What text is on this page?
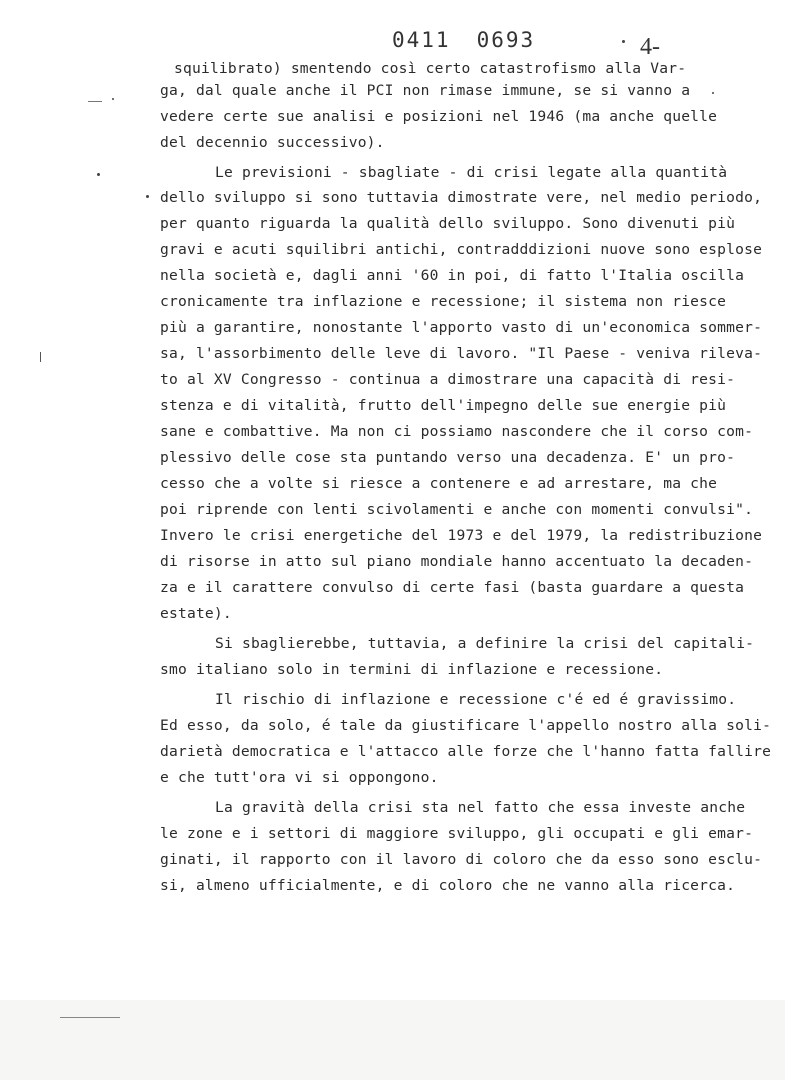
0411 0693	4-
squilibrato) smentendo così certo catastrofismo alla Var-
ga, dal quale anche il PCI non rimase immune, se si vanno a
vedere certe sue analisi e posizioni nel 1946 (ma anche quelle
del decennio successivo).
Le previsioni - sbagliate - di crisi legate alla quantità
dello sviluppo si sono tuttavia dimostrate vere, nel medio periodo,
per quanto riguarda la qualità dello sviluppo. Sono divenuti più
gravi e acuti squilibri antichi, contradddizioni nuove sono esplose
nella società e, dagli anni '60 in poi, di fatto l'Italia oscilla
cronicamente tra inflazione e recessione; il sistema non riesce
più a garantire, nonostante l'apporto vasto di un'economica sommer-
sa, l'assorbimento delle leve di lavoro. "Il Paese - veniva rileva-
to al XV Congresso - continua a dimostrare una capacità di resi-
stenza e di vitalità, frutto dell'impegno delle sue energie più
sane e combattive. Ma non ci possiamo nascondere che il corso com-
plessivo delle cose sta puntando verso una decadenza. E' un pro-
cesso che a volte si riesce a contenere e ad arrestare, ma che
poi riprende con lenti scivolamenti e anche con momenti convulsi".
Invero le crisi energetiche del 1973 e del 1979, la redistribuzione
di risorse in atto sul piano mondiale hanno accentuato la decaden-
za e il carattere convulso di certe fasi (basta guardare a questa
estate).
Si sbaglierebbe, tuttavia, a definire la crisi del capitali-
smo italiano solo in termini di inflazione e recessione.
Il rischio di inflazione e recessione c'é ed é gravissimo.
Ed esso, da solo, é tale da giustificare l'appello nostro alla soli-
darietà democratica e l'attacco alle forze che l'hanno fatta fallire
e che tutt'ora vi si oppongono.
La gravità della crisi sta nel fatto che essa investe anche
le zone e i settori di maggiore sviluppo, gli occupati e gli emar-
ginati, il rapporto con il lavoro di coloro che da esso sono esclu-
si, almeno ufficialmente, e di coloro che ne vanno alla ricerca.
